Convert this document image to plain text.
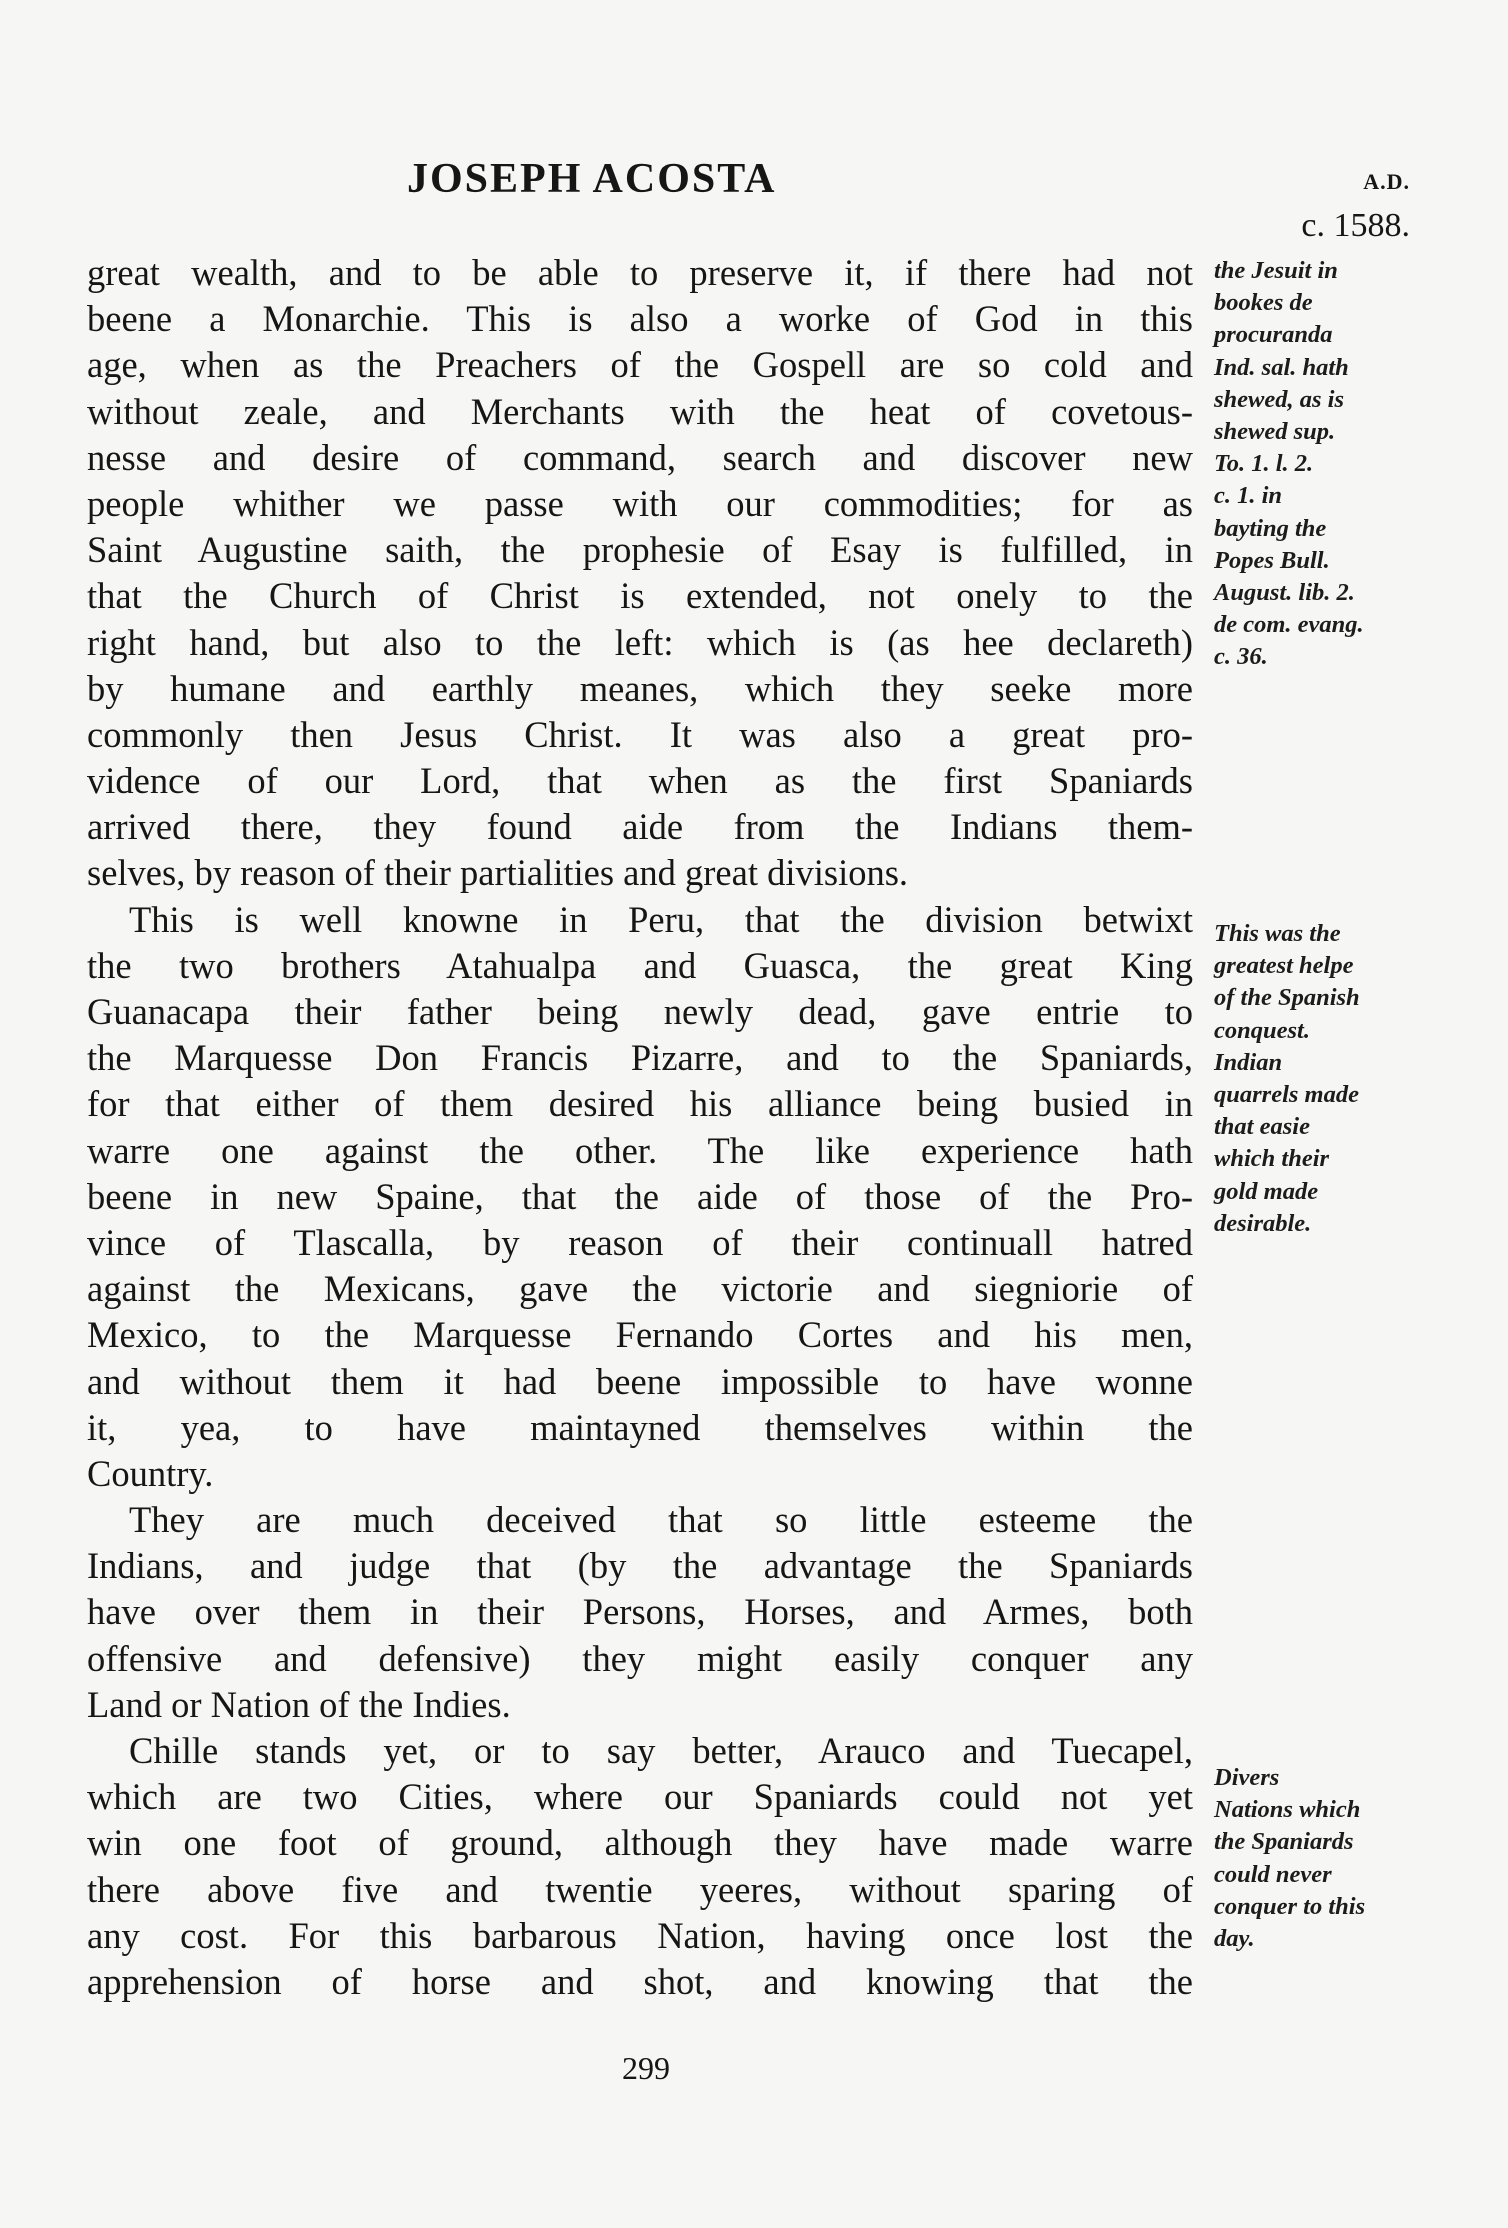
JOSEPH ACOSTA	A.D.
c. 1588.
great wealth, and to be able to preserve it, if there had not
beene a Monarchie. This is also a worke of God in this
age, when as the Preachers of the Gospell are so cold and
without zeale, and Merchants with the heat of covetous-
nesse and desire of command, search and discover new
people whither we passe with our commodities; for as
Saint Augustine saith, the prophesie of Esay is fulfilled, in
that the Church of Christ is extended, not onely to the
right hand, but also to the left: which is (as hee declareth)
by humane and earthly meanes, which they seeke more
commonly then Jesus Christ. It was also a great pro-
vidence of our Lord, that when as the first Spaniards
arrived there, they found aide from the Indians them-
selves, by reason of their partialities and great divisions.
This is well knowne in Peru, that the division betwixt
the two brothers Atahualpa and Guasca, the great King
Guanacapa their father being newly dead, gave entrie to
the Marquesse Don Francis Pizarre, and to the Spaniards,
for that either of them desired his alliance being busied in
warre one against the other. The like experience hath
beene in new Spaine, that the aide of those of the Pro-
vince of Tlascalla, by reason of their continuall hatred
against the Mexicans, gave the victorie and siegniorie of
Mexico, to the Marquesse Fernando Cortes and his men,
and without them it had beene impossible to have wonne
it, yea, to have maintayned themselves within the
Country.
They are much deceived that so little esteeme the
Indians, and judge that (by the advantage the Spaniards
have over them in their Persons, Horses, and Armes, both
offensive and defensive) they might easily conquer any
Land or Nation of the Indies.
Chille stands yet, or to say better, Arauco and Tuecapel,
which are two Cities, where our Spaniards could not yet
win one foot of ground, although they have made warre
there above five and twentie yeeres, without sparing of
any cost. For this barbarous Nation, having once lost the
apprehension of horse and shot, and knowing that the
the Jesuit in
bookes de
procuranda
Ind. sal. hath
shewed, as is
shewed sup.
To. 1. l. 2.
c. 1. in
bayting the
Popes Bull.
August. lib. 2.
de com. evang.
c. 36.
This was the
greatest helpe
of the Spanish
conquest.
Indian
quarrels made
that easie
which their
gold made
desirable.
Divers
Nations which
the Spaniards
could never
conquer to this
day.
299
